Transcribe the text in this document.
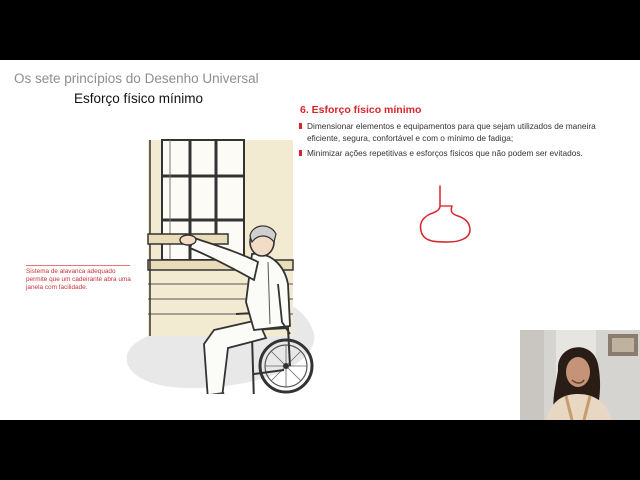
Os sete princípios do Desenho Universal
Esforço físico mínimo
Sistema de alavanca adequado permite que um cadeirante abra uma janela com facilidade.
6. Esforço físico mínimo
Dimensionar elementos e equipamentos para que sejam utilizados de maneira eficiente, segura, confortável e com o mínimo de fadiga;
Minimizar ações repetitivas e esforços físicos que não podem ser evitados.
